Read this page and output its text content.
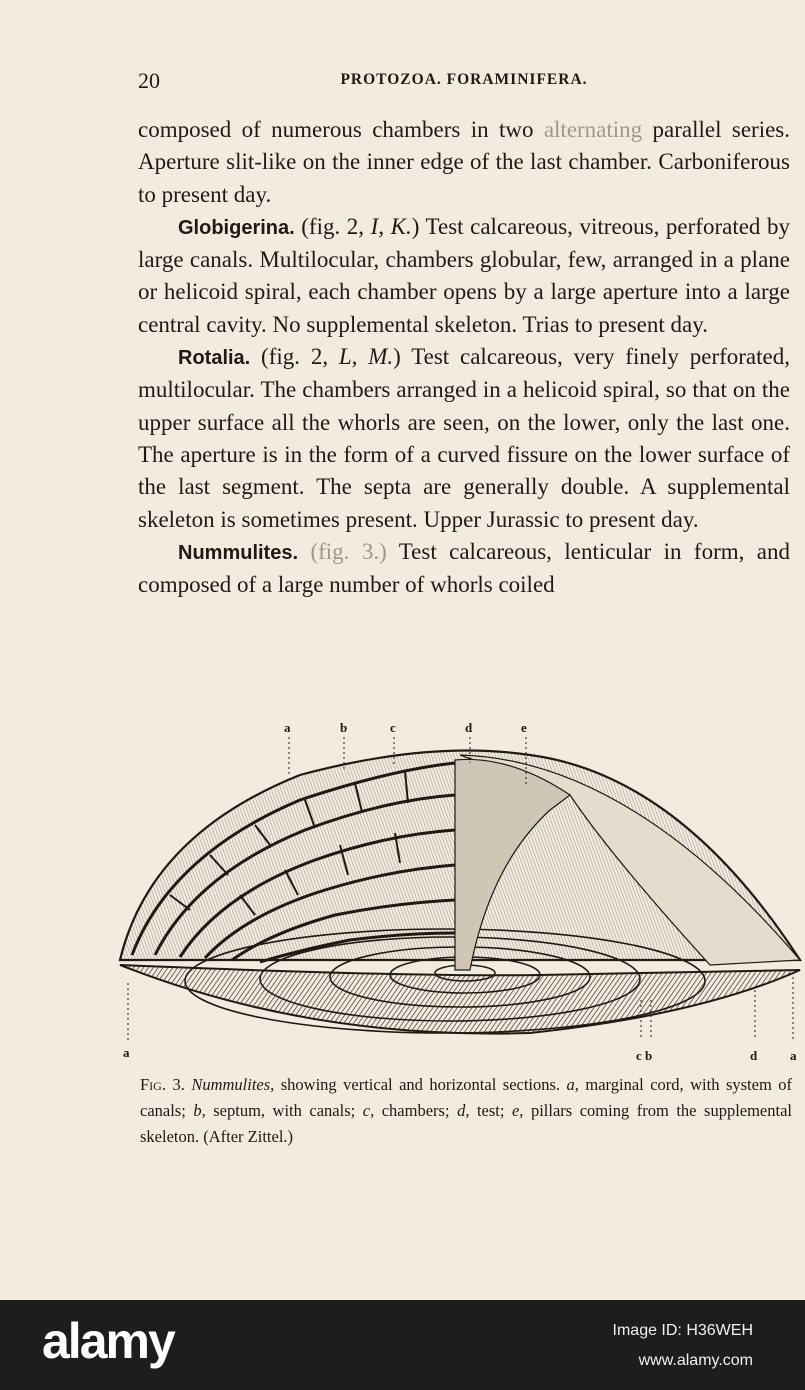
20	PROTOZOA. FORAMINIFERA.

composed of numerous chambers in two alternating parallel series. Aperture slit-like on the inner edge of the last chamber. Carboniferous to present day.

Globigerina. (fig. 2, I, K.) Test calcareous, vitreous, perforated by large canals. Multilocular, chambers globular, few, arranged in a plane or helicoid spiral, each chamber opens by a large aperture into a large central cavity. No supplemental skeleton. Trias to present day.

Rotalia. (fig. 2, L, M.) Test calcareous, very finely perforated, multilocular. The chambers arranged in a helicoid spiral, so that on the upper surface all the whorls are seen, on the lower, only the last one. The aperture is in the form of a curved fissure on the lower surface of the last segment. The septa are generally double. A supplemental skeleton is sometimes present. Upper Jurassic to present day.

Nummulites. (fig. 3.) Test calcareous, lenticular in form, and composed of a large number of whorls coiled

a	b	c	d	e
a	c b	d	a
Fig. 3. Nummulites, showing vertical and horizontal sections. a, marginal cord, with system of canals; b, septum, with canals; c, chambers; d, test; e, pillars coming from the supplemental skeleton. (After Zittel.)
alamy	Image ID: H36WEH
www.alamy.com
